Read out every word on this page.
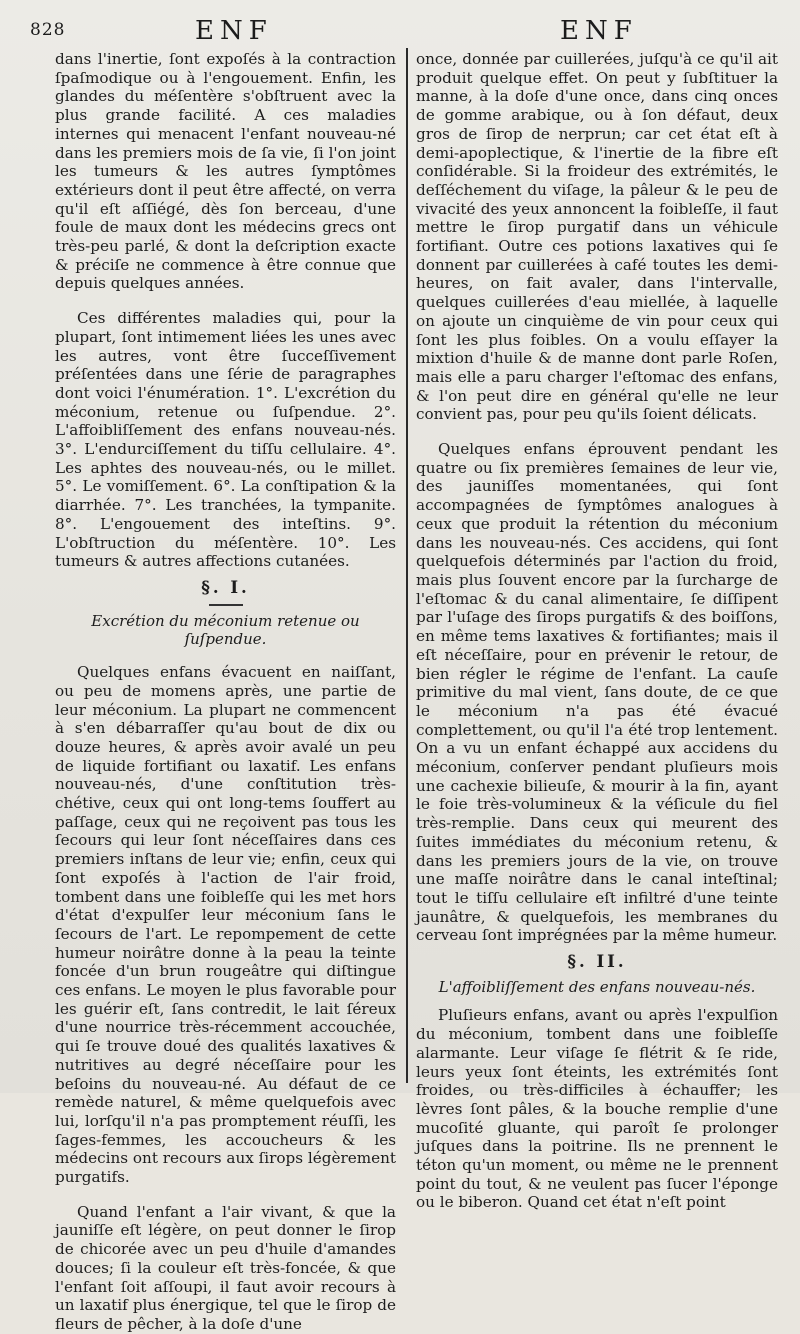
828	ENF	ENF

dans l'inertie, ſont expoſés à la contraction ſpaſmodique ou à l'engouement. Enfin, les glandes du méſentère s'obſtruent avec la plus grande facilité. A ces maladies internes qui menacent l'enfant nouveau-né dans les premiers mois de ſa vie, ſi l'on joint les tumeurs & les autres ſymptômes extérieurs dont il peut être affecté, on verra qu'il eſt aſſiégé, dès ſon berceau, d'une foule de maux dont les médecins grecs ont très-peu parlé, & dont la deſcription exacte & préciſe ne commence à être connue que depuis quelques années.

Ces différentes maladies qui, pour la plupart, ſont intimement liées les unes avec les autres, vont être ſucceſſivement préſentées dans une ſérie de paragraphes dont voici l'énumération. 1°. L'excrétion du méconium, retenue ou ſuſpendue. 2°. L'affoibliſſement des enfans nouveau-nés. 3°. L'endurciſſement du tiſſu cellulaire. 4°. Les aphtes des nouveau-nés, ou le millet. 5°. Le vomiſſement. 6°. La conſtipation & la diarrhée. 7°. Les tranchées, la tympanite. 8°. L'engouement des inteſtins. 9°. L'obſtruction du méſentère. 10°. Les tumeurs & autres affections cutanées.

§. I.
Excrétion du méconium retenue ou ſuſpendue.

Quelques enfans évacuent en naiſſant, ou peu de momens après, une partie de leur méconium. La plupart ne commencent à s'en débarraſſer qu'au bout de dix ou douze heures, & après avoir avalé un peu de liquide fortifiant ou laxatif. Les enfans nouveau-nés, d'une conſtitution très-chétive, ceux qui ont long-tems ſouffert au paſſage, ceux qui ne reçoivent pas tous les ſecours qui leur ſont néceſſaires dans ces premiers inſtans de leur vie; enfin, ceux qui ſont expoſés à l'action de l'air froid, tombent dans une foibleſſe qui les met hors d'état d'expulſer leur méconium ſans le ſecours de l'art. Le repompement de cette humeur noirâtre donne à la peau la teinte foncée d'un brun rougeâtre qui diſtingue ces enfans. Le moyen le plus favorable pour les guérir eſt, ſans contredit, le lait ſéreux d'une nourrice très-récemment accouchée, qui ſe trouve doué des qualités laxatives & nutritives au degré néceſſaire pour les beſoins du nouveau-né. Au défaut de ce remède naturel, & même quelquefois avec lui, lorſqu'il n'a pas promptement réuſſi, les ſages-femmes, les accoucheurs & les médecins ont recours aux ſirops légèrement purgatifs.

Quand l'enfant a l'air vivant, & que la jauniſſe eſt légère, on peut donner le ſirop de chicorée avec un peu d'huile d'amandes douces; ſi la couleur eſt très-foncée, & que l'enfant ſoit aſſoupi, il faut avoir recours à un laxatif plus énergique, tel que le ſirop de fleurs de pêcher, à la doſe d'une

once, donnée par cuillerées, juſqu'à ce qu'il ait produit quelque effet. On peut y ſubſtituer la manne, à la doſe d'une once, dans cinq onces de gomme arabique, ou à ſon défaut, deux gros de ſirop de nerprun; car cet état eſt à demi-apoplectique, & l'inertie de la fibre eſt conſidérable. Si la froideur des extrémités, le deſſéchement du viſage, la pâleur & le peu de vivacité des yeux annoncent la foibleſſe, il faut mettre le ſirop purgatif dans un véhicule fortifiant. Outre ces potions laxatives qui ſe donnent par cuillerées à café toutes les demi-heures, on fait avaler, dans l'intervalle, quelques cuillerées d'eau miellée, à laquelle on ajoute un cinquième de vin pour ceux qui ſont les plus foibles. On a voulu eſſayer la mixtion d'huile & de manne dont parle Roſen, mais elle a paru charger l'eſtomac des enfans, & l'on peut dire en général qu'elle ne leur convient pas, pour peu qu'ils ſoient délicats.

Quelques enfans éprouvent pendant les quatre ou ſix premières ſemaines de leur vie, des jauniſſes momentanées, qui ſont accompagnées de ſymptômes analogues à ceux que produit la rétention du méconium dans les nouveau-nés. Ces accidens, qui ſont quelquefois déterminés par l'action du froid, mais plus ſouvent encore par la ſurcharge de l'eſtomac & du canal alimentaire, ſe diſſipent par l'uſage des ſirops purgatifs & des boiſſons, en même tems laxatives & fortifiantes; mais il eſt néceſſaire, pour en prévenir le retour, de bien régler le régime de l'enfant. La cauſe primitive du mal vient, ſans doute, de ce que le méconium n'a pas été évacué complettement, ou qu'il l'a été trop lentement. On a vu un enfant échappé aux accidens du méconium, conſerver pendant pluſieurs mois une cachexie bilieuſe, & mourir à la fin, ayant le foie très-volumineux & la véſicule du fiel très-remplie. Dans ceux qui meurent des ſuites immédiates du méconium retenu, & dans les premiers jours de la vie, on trouve une maſſe noirâtre dans le canal inteſtinal; tout le tiſſu cellulaire eſt infiltré d'une teinte jaunâtre, & quelquefois, les membranes du cerveau ſont imprégnées par la même humeur.

§. II.
L'affoibliſſement des enfans nouveau-nés.

Pluſieurs enfans, avant ou après l'expulſion du méconium, tombent dans une foibleſſe alarmante. Leur viſage ſe flétrit & ſe ride, leurs yeux ſont éteints, les extrémités ſont froides, ou très-difficiles à échauffer; les lèvres ſont pâles, & la bouche remplie d'une mucoſité gluante, qui paroît ſe prolonger juſques dans la poitrine. Ils ne prennent le téton qu'un moment, ou même ne le prennent point du tout, & ne veulent pas ſucer l'éponge ou le biberon. Quand cet état n'eſt point
